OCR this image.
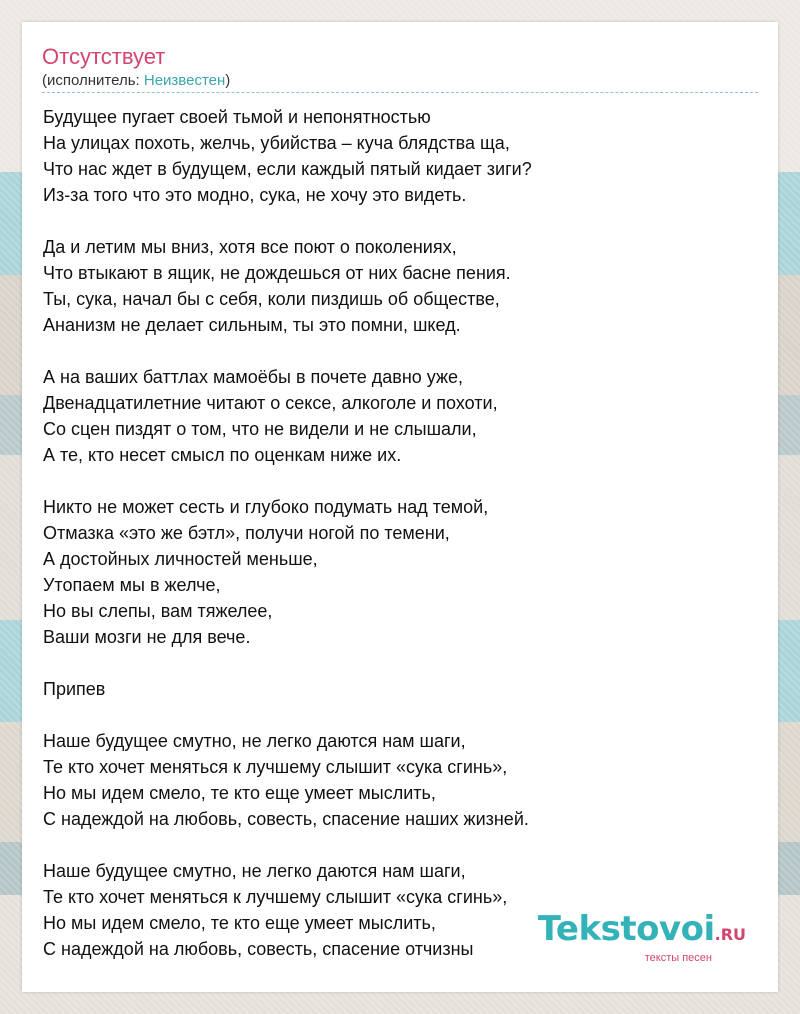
Отсутствует
(исполнитель: Неизвестен)
Будущее пугает своей тьмой и непонятностью
На улицах похоть, желчь, убийства – куча блядства ща,
Что нас ждет в будущем, если каждый пятый кидает зиги?
Из-за того что это модно, сука, не хочу это видеть.
Да и летим мы вниз, хотя все поют о поколениях,
Что втыкают в ящик, не дождешься от них басне пения.
Ты, сука, начал бы с себя, коли пиздишь об обществе,
Ананизм не делает сильным, ты это помни, шкед.
А на ваших баттлах мамоёбы в почете давно уже,
Двенадцатилетние читают о сексе, алкоголе и похоти,
Со сцен пиздят о том, что не видели и не слышали,
А те, кто несет смысл по оценкам ниже их.
Никто не может сесть и глубоко подумать над темой,
Отмазка «это же бэтл», получи ногой по темени,
А достойных личностей меньше,
Утопаем мы в желче,
Но вы слепы, вам тяжелее,
Ваши мозги не для вече.
Припев
Наше будущее смутно, не легко даются нам шаги,
Те кто хочет меняться к лучшему слышит «сука сгинь»,
Но мы идем смело, те кто еще умеет мыслить,
С надеждой на любовь, совесть, спасение наших жизней.
Наше будущее смутно, не легко даются нам шаги,
Те кто хочет меняться к лучшему слышит «сука сгинь»,
Но мы идем смело, те кто еще умеет мыслить,
С надеждой на любовь, совесть, спасение отчизны	Tekstovoi.RU
тексты песен
